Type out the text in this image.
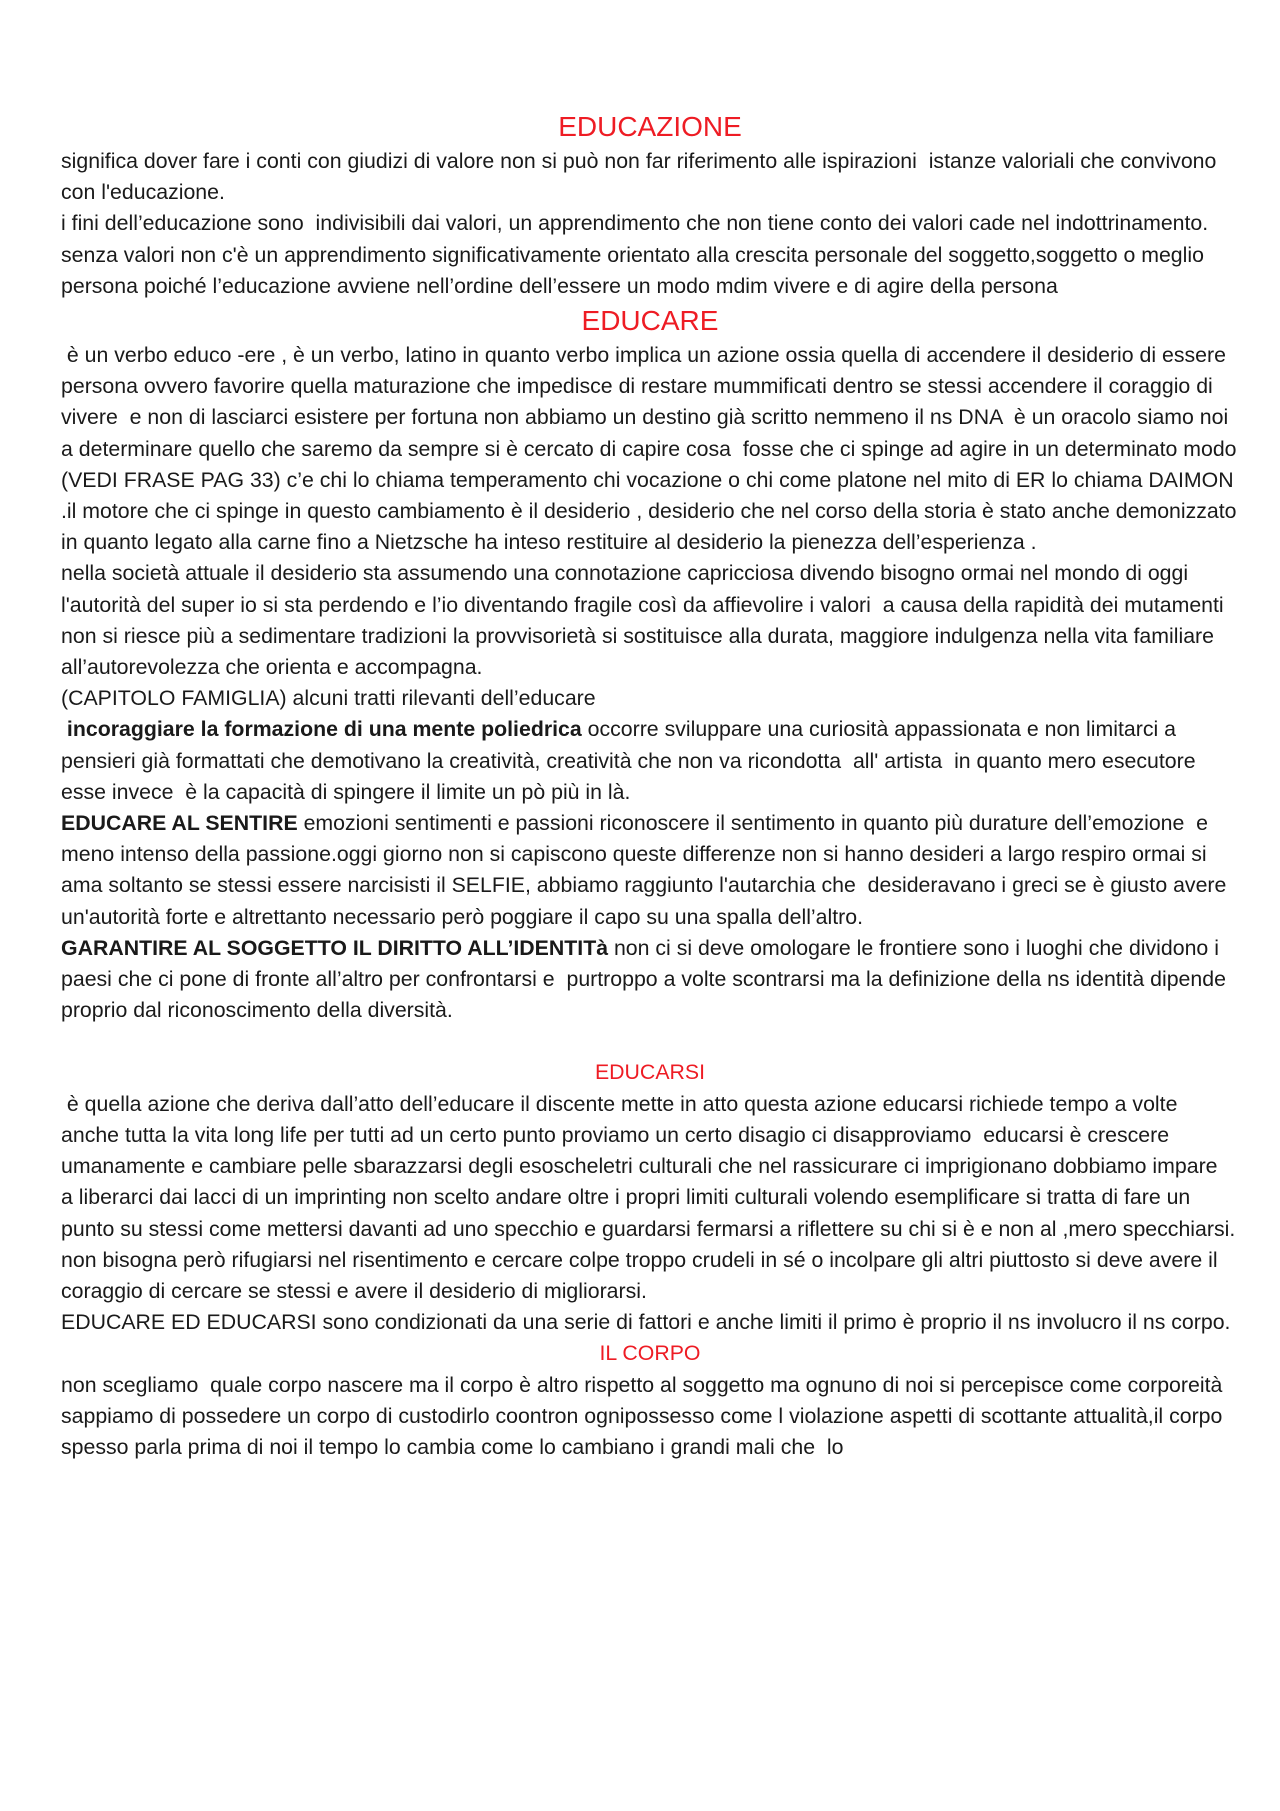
EDUCAZIONE

significa dover fare i conti con giudizi di valore non si può non far riferimento alle ispirazioni  istanze valoriali che convivono con l'educazione.

i fini dell’educazione sono  indivisibili dai valori, un apprendimento che non tiene conto dei valori cade nel indottrinamento. senza valori non c'è un apprendimento significativamente orientato alla crescita personale del soggetto,soggetto o meglio persona poiché l’educazione avviene nell’ordine dell’essere un modo mdim vivere e di agire della persona

EDUCARE

è un verbo educo -ere , è un verbo, latino in quanto verbo implica un azione ossia quella di accendere il desiderio di essere persona ovvero favorire quella maturazione che impedisce di restare mummificati dentro se stessi accendere il coraggio di  vivere  e non di lasciarci esistere per fortuna non abbiamo un destino già scritto nemmeno il ns DNA  è un oracolo siamo noi a determinare quello che saremo da sempre si è cercato di capire cosa  fosse che ci spinge ad agire in un determinato modo (VEDI FRASE PAG 33) c’e chi lo chiama temperamento chi vocazione o chi come platone nel mito di ER lo chiama DAIMON .il motore che ci spinge in questo cambiamento è il desiderio , desiderio che nel corso della storia è stato anche demonizzato in quanto legato alla carne fino a Nietzsche ha inteso restituire al desiderio la pienezza dell’esperienza .

nella società attuale il desiderio sta assumendo una connotazione capricciosa divendo bisogno ormai nel mondo di oggi l'autorità del super io si sta perdendo e l’io diventando fragile così da affievolire i valori  a causa della rapidità dei mutamenti non si riesce più a sedimentare tradizioni la provvisorietà si sostituisce alla durata, maggiore indulgenza nella vita familiare all’autorevolezza che orienta e accompagna.

(CAPITOLO FAMIGLIA) alcuni tratti rilevanti dell’educare

incoraggiare la formazione di una mente poliedrica occorre sviluppare una curiosità appassionata e non limitarci a pensieri già formattati che demotivano la creatività, creatività che non va ricondotta  all' artista  in quanto mero esecutore esse invece  è la capacità di spingere il limite un pò più in là.

EDUCARE AL SENTIRE emozioni sentimenti e passioni riconoscere il sentimento in quanto più durature dell’emozione  e meno intenso della passione.oggi giorno non si capiscono queste differenze non si hanno desideri a largo respiro ormai si ama soltanto se stessi essere narcisisti il SELFIE, abbiamo raggiunto l'autarchia che  desideravano i greci se è giusto avere un'autorità forte e altrettanto necessario però poggiare il capo su una spalla dell’altro.

GARANTIRE AL SOGGETTO IL DIRITTO ALL’IDENTITà non ci si deve omologare le frontiere sono i luoghi che dividono i paesi che ci pone di fronte all’altro per confrontarsi e  purtroppo a volte scontrarsi ma la definizione della ns identità dipende proprio dal riconoscimento della diversità.

EDUCARSI

è quella azione che deriva dall’atto dell’educare il discente mette in atto questa azione educarsi richiede tempo a volte anche tutta la vita long life per tutti ad un certo punto proviamo un certo disagio ci disapproviamo  educarsi è crescere umanamente e cambiare pelle sbarazzarsi degli esoscheletri culturali che nel rassicurare ci imprigionano dobbiamo impare  a liberarci dai lacci di un imprinting non scelto andare oltre i propri limiti culturali volendo esemplificare si tratta di fare un punto su stessi come mettersi davanti ad uno specchio e guardarsi fermarsi a riflettere su chi si è e non al ,mero specchiarsi. non bisogna però rifugiarsi nel risentimento e cercare colpe troppo crudeli in sé o incolpare gli altri piuttosto si deve avere il coraggio di cercare se stessi e avere il desiderio di migliorarsi.

EDUCARE ED EDUCARSI sono condizionati da una serie di fattori e anche limiti il primo è proprio il ns involucro il ns corpo.

IL CORPO

non scegliamo  quale corpo nascere ma il corpo è altro rispetto al soggetto ma ognuno di noi si percepisce come corporeità sappiamo di possedere un corpo di custodirlo coontron ognipossesso come l violazione aspetti di scottante attualità,il corpo spesso parla prima di noi il tempo lo cambia come lo cambiano i grandi mali che  lo
